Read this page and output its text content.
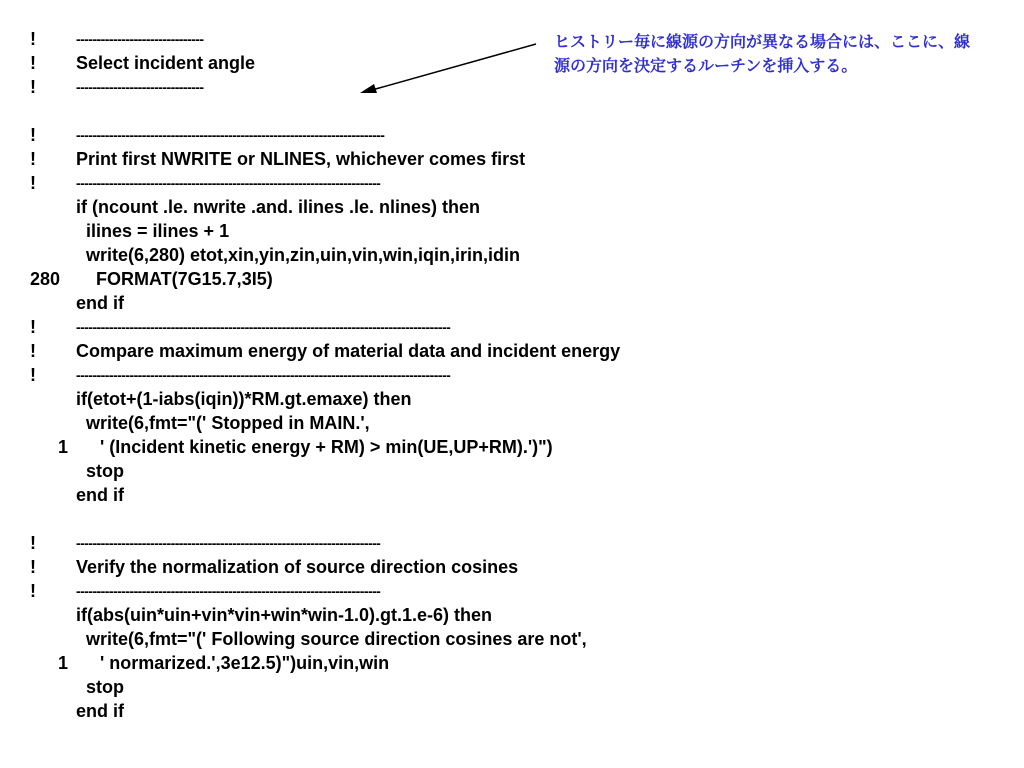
!	-------------------------------
! Select incident angle
!	-------------------------------
!	---------------------------------------------------------------------------
! Print first NWRITE or NLINES, whichever comes first
!	--------------------------------------------------------------------------
if (ncount .le. nwrite .and. ilines .le. nlines) then
ilines = ilines + 1
write(6,280) etot,xin,yin,zin,uin,vin,win,iqin,irin,idin
280 FORMAT(7G15.7,3I5)
end if
!	-------------------------------------------------------------------------------------------
! Compare maximum energy of material data and incident energy
!	-------------------------------------------------------------------------------------------
if(etot+(1-iabs(iqin))*RM.gt.emaxe) then
write(6,fmt="(' Stopped in MAIN.',
1 ' (Incident kinetic energy + RM) > min(UE,UP+RM).')")
stop
end if
!	--------------------------------------------------------------------------
! Verify the normalization of source direction cosines
!	--------------------------------------------------------------------------
if(abs(uin*uin+vin*vin+win*win-1.0).gt.1.e-6) then
write(6,fmt="(' Following source direction cosines are not',
1 ' normarized.',3e12.5)")uin,vin,win
stop
end if
ヒストリー毎に線源の方向が異なる場合には、ここに、線源の方向を決定するルーチンを挿入する。
